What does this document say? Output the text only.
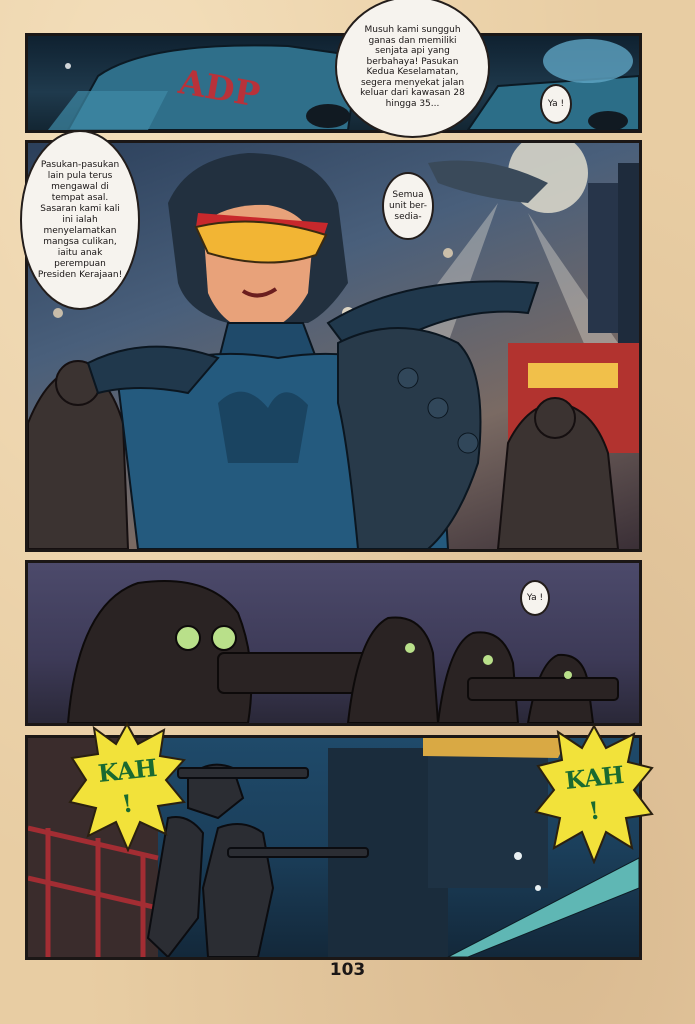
ADP
Musuh kami sungguh ganas dan memiliki senjata api yang berbahaya! Pasukan Kedua Keselamatan, segera menyekat jalan keluar dari kawasan 28 hingga 35...	Ya !
Pasukan-pasukan lain pula terus mengawal di tempat asal. Sasaran kami kali ini ialah menyelamatkan mangsa culikan, iaitu anak perempuan Presiden Kerajaan!
Semua unit ber-sedia-
Ya !
KAH
!
KAH
!
103
